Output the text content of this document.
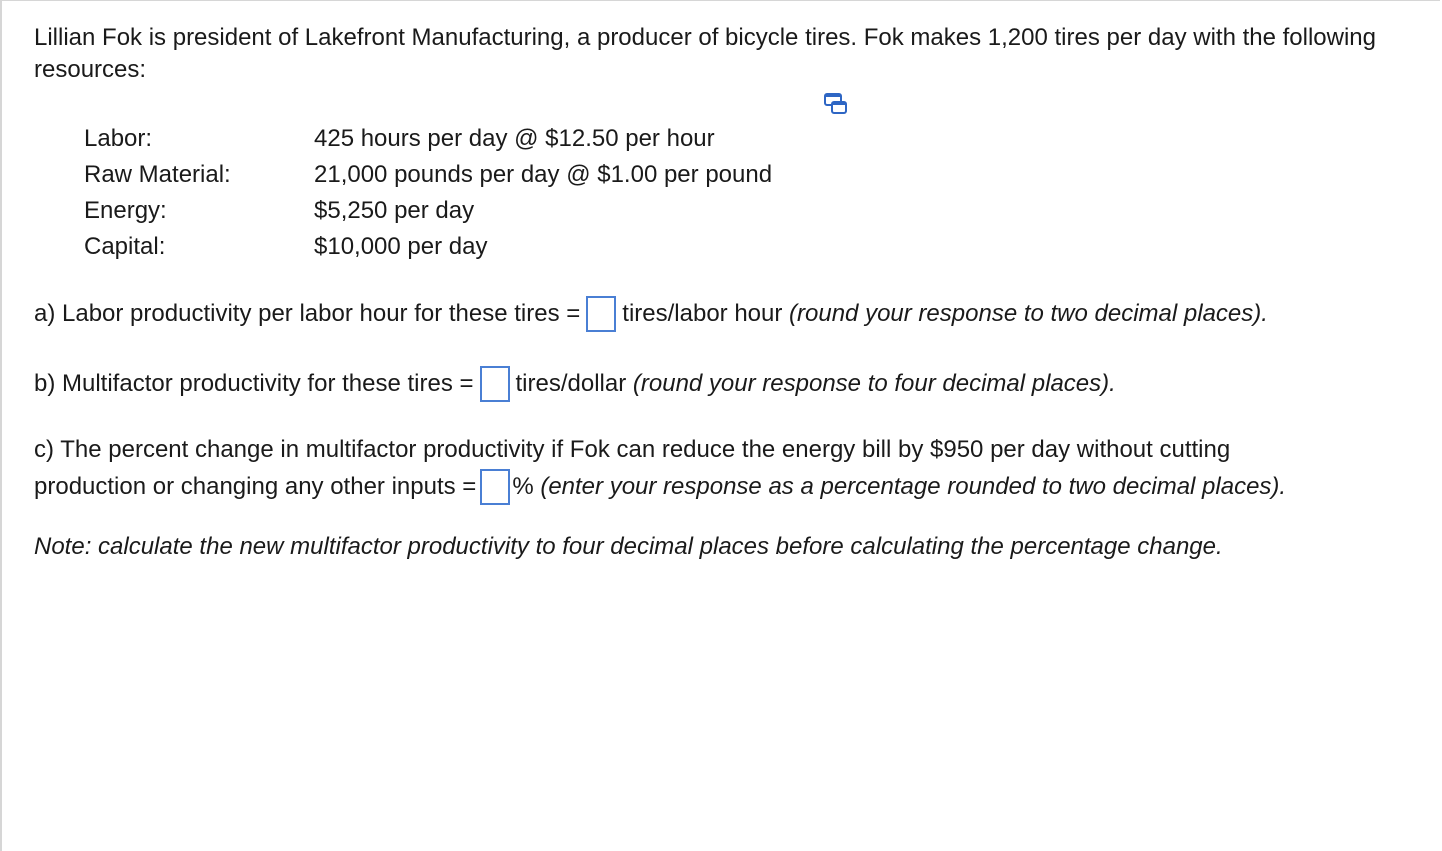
Lillian Fok is president of Lakefront Manufacturing, a producer of bicycle tires. Fok makes 1,200 tires per day with the following resources:

Labor:	425 hours per day @ $12.50 per hour
Raw Material:	21,000 pounds per day @ $1.00 per pound
Energy:	$5,250 per day
Capital:	$10,000 per day
a) Labor productivity per labor hour for these tires = tires/labor hour
(round your response to two decimal places).
b) Multifactor productivity for these tires = tires/dollar
(round your response to four decimal places).
c) The percent change in multifactor productivity if Fok can reduce the energy bill by $950 per day without cutting
production or changing any other inputs = %
(enter your response as a percentage rounded to two decimal places).
Note: calculate the new multifactor productivity to four decimal places before calculating the percentage change.
